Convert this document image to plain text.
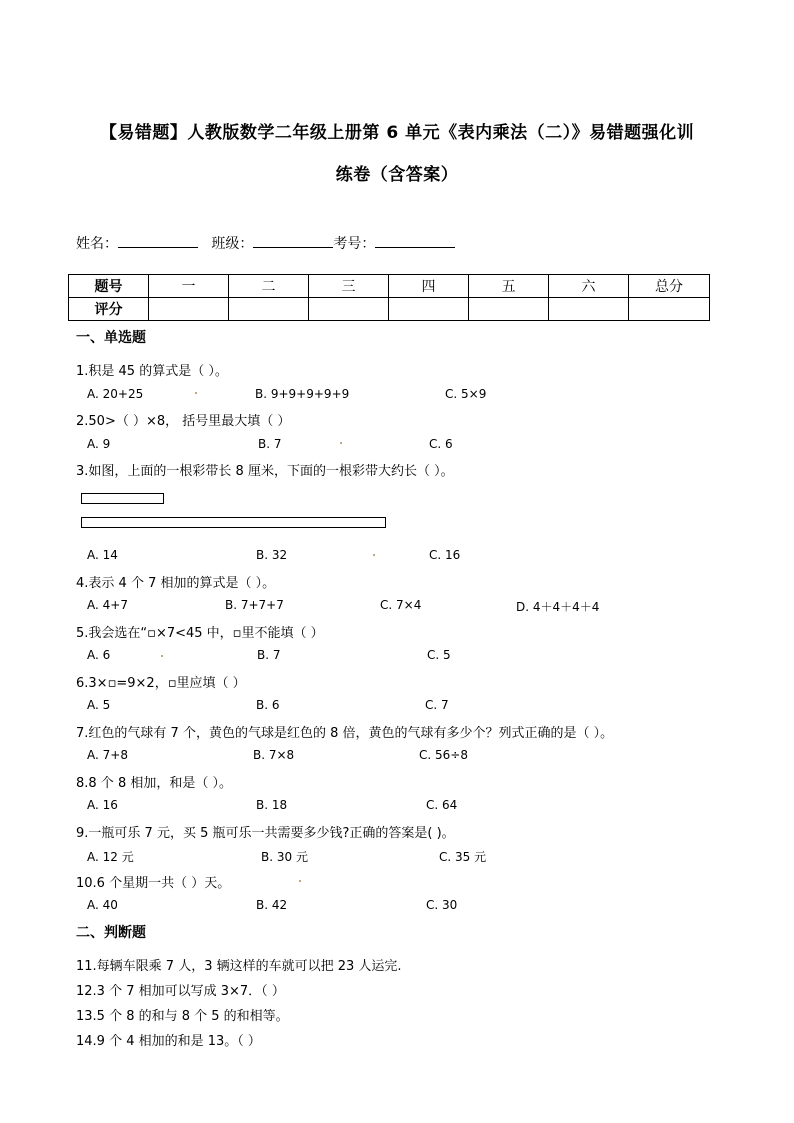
【易错题】人教版数学二年级上册第 6 单元《表内乘法（二）》易错题强化训
练卷（含答案）
姓名：	班级：	考号：
题号	一	二	三	四	五	六	总分
评分							
一、单选题
1.积是 45 的算式是（ ）。
A. 20+25	B. 9+9+9+9+9	C. 5×9
2.50>（ ）×8， 括号里最大填（ ）
A. 9	B. 7	C. 6
3.如图，上面的一根彩带长 8 厘米，下面的一根彩带大约长（ ）。
A. 14	B. 32	C. 16
4.表示 4 个 7 相加的算式是（ ）。
A. 4+7	B. 7+7+7	C. 7×4	D. 4＋4＋4＋4
5.我会选在“▫×7<45 中，▫里不能填（ ）
A. 6	B. 7	C. 5
6.3×▫=9×2，▫里应填（ ）
A. 5	B. 6	C. 7
7.红色的气球有 7 个，黄色的气球是红色的 8 倍，黄色的气球有多少个？列式正确的是（ ）。
A. 7+8	B. 7×8	C. 56÷8
8.8 个 8 相加，和是（ ）。
A. 16	B. 18	C. 64
9.一瓶可乐 7 元，买 5 瓶可乐一共需要多少钱?正确的答案是( )。
A. 12 元	B. 30 元	C. 35 元
10.6 个星期一共（ ）天。
A. 40	B. 42	C. 30
二、判断题
11.每辆车限乘 7 人，3 辆这样的车就可以把 23 人运完.
12.3 个 7 相加可以写成 3×7．（ ）
13.5 个 8 的和与 8 个 5 的和相等。
14.9 个 4 相加的和是 13。（ ）
